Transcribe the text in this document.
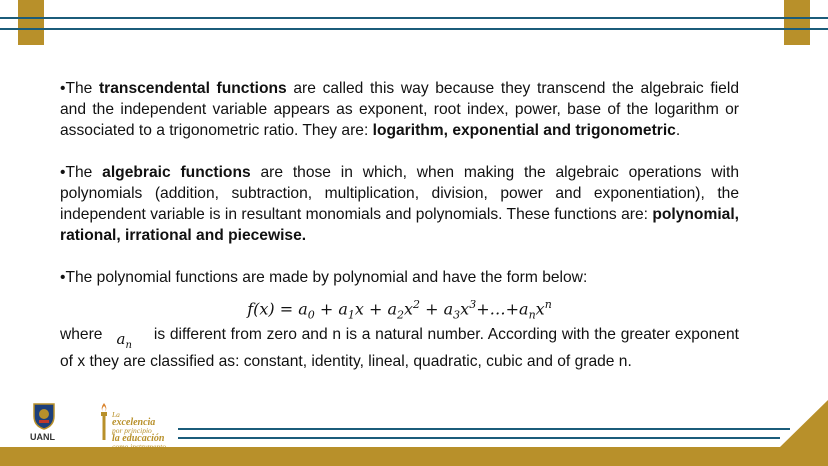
•The transcendental functions are called this way because they transcend the algebraic field and the independent variable appears as exponent, root index, power, base of the logarithm or associated to a trigonometric ratio. They are: logarithm, exponential and trigonometric.

•The algebraic functions are those in which, when making the algebraic operations with polynomials (addition, subtraction, multiplication, division, power and exponentiation), the independent variable is in resultant monomials and polynomials. These functions are: polynomial, rational, irrational and piecewise.

•The polynomial functions are made by polynomial and have the form below:

$f(x) = a_0 + a_1x + a_2x^2$ + $a_3x^3+\dots+a_nx^n$

where $a_nis$ different from zero and n is a natural number. According with the greater exponent of x they are classified as: constant, identity, lineal, quadratic, cubic and of grade n.

UANL
La
excelencia
por principio
la educación
como instrumento
